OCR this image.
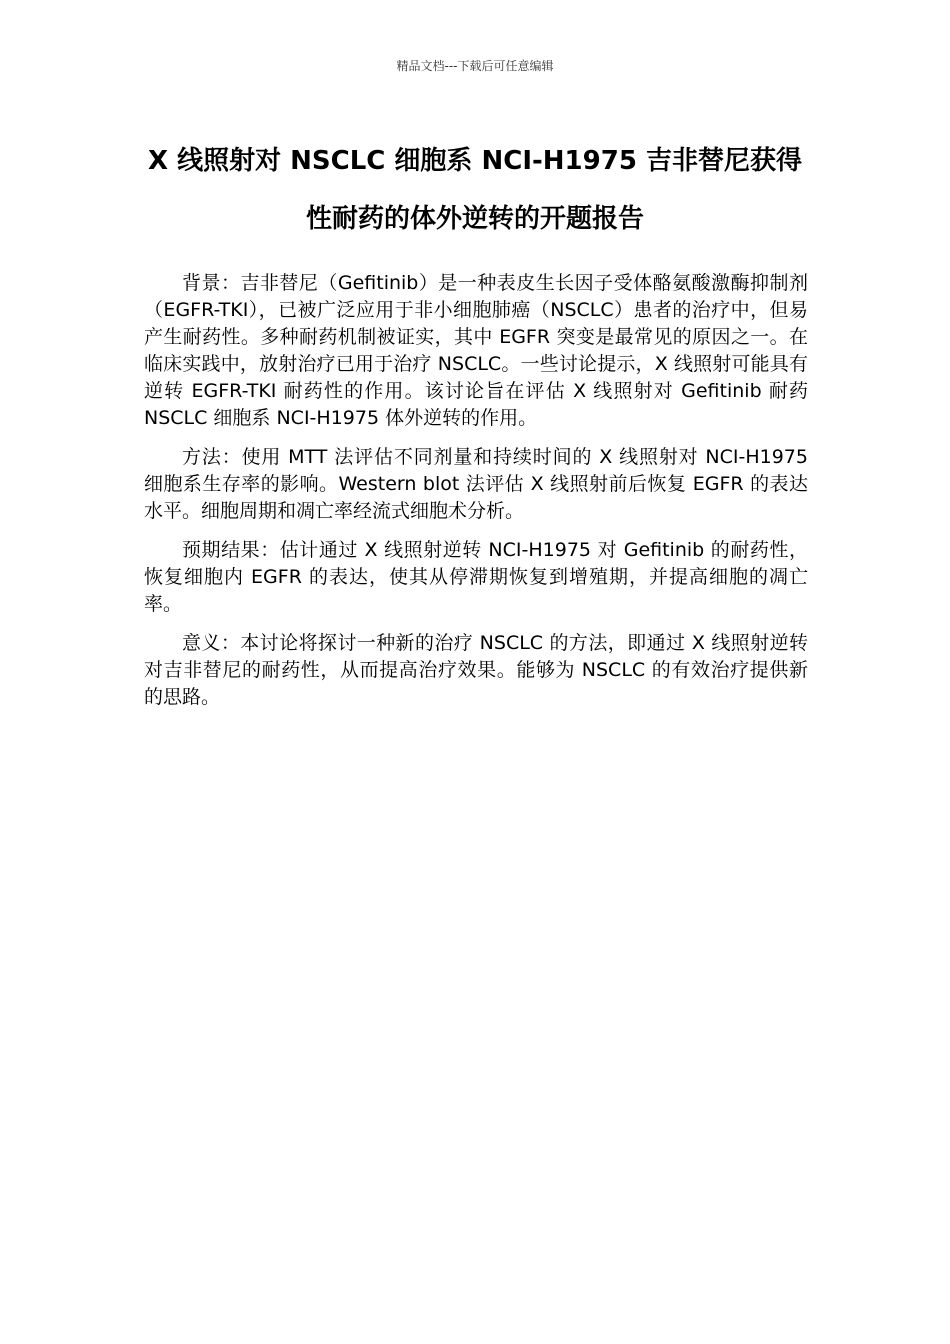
精品文档---下载后可任意编辑
X 线照射对 NSCLC 细胞系 NCI-H1975 吉非替尼获得性耐药的体外逆转的开题报告

背景：吉非替尼（Gefitinib）是一种表皮生长因子受体酪氨酸激酶抑制剂（EGFR-TKI），已被广泛应用于非小细胞肺癌（NSCLC）患者的治疗中，但易产生耐药性。多种耐药机制被证实，其中 EGFR 突变是最常见的原因之一。在临床实践中，放射治疗已用于治疗 NSCLC。一些讨论提示，X 线照射可能具有逆转 EGFR-TKI 耐药性的作用。该讨论旨在评估 X 线照射对 Gefitinib 耐药 NSCLC 细胞系 NCI-H1975 体外逆转的作用。

方法：使用 MTT 法评估不同剂量和持续时间的 X 线照射对 NCI-H1975 细胞系生存率的影响。Western blot 法评估 X 线照射前后恢复 EGFR 的表达水平。细胞周期和凋亡率经流式细胞术分析。

预期结果：估计通过 X 线照射逆转 NCI-H1975 对 Gefitinib 的耐药性，恢复细胞内 EGFR 的表达，使其从停滞期恢复到增殖期，并提高细胞的凋亡率。

意义：本讨论将探讨一种新的治疗 NSCLC 的方法，即通过 X 线照射逆转对吉非替尼的耐药性，从而提高治疗效果。能够为 NSCLC 的有效治疗提供新的思路。
